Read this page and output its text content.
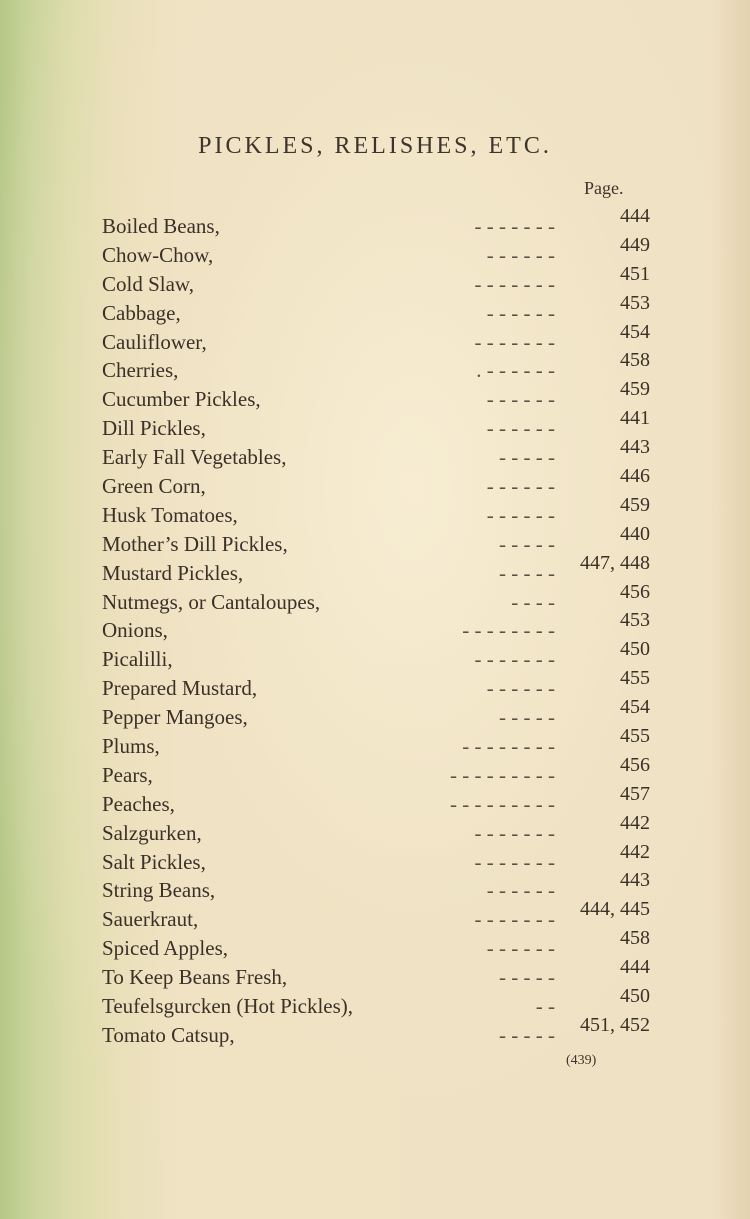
PICKLES, RELISHES, ETC.
Page.
Boiled Beans,	- - - - - - -	444
Chow-Chow,	- - - - - -	449
Cold Slaw,	- - - - - - -	451
Cabbage,	- - - - - -	453
Cauliflower,	- - - - - - -	454
Cherries,	. - - - - - -	458
Cucumber Pickles,	- - - - - -	459
Dill Pickles,	- - - - - -	441
Early Fall Vegetables,	- - - - -	443
Green Corn,	- - - - - -	446
Husk Tomatoes,	- - - - - -	459
Mother’s Dill Pickles,	- - - - -	440
Mustard Pickles,	- - - - -	447, 448
Nutmegs, or Cantaloupes,	- - - -	456
Onions,	- - - - - - - -	453
Picalilli,	- - - - - - -	450
Prepared Mustard,	- - - - - -	455
Pepper Mangoes,	- - - - -	454
Plums,	- - - - - - - -	455
Pears,	- - - - - - - - -	456
Peaches,	- - - - - - - - -	457
Salzgurken,	- - - - - - -	442
Salt Pickles,	- - - - - - -	442
String Beans,	- - - - - -	443
Sauerkraut,	- - - - - - -	444, 445
Spiced Apples,	- - - - - -	458
To Keep Beans Fresh,	- - - - -	444
Teufelsgurcken (Hot Pickles),	- -	450
Tomato Catsup,	- - - - -	451, 452
(439)
